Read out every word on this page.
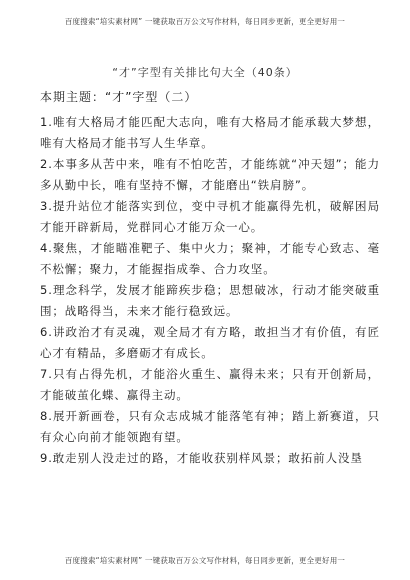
百度搜索“培实素材网” 一键获取百万公文写作材料，每日同步更新，更全更好用一
“才”字型有关排比句大全（40条）
本期主题：“才”字型（二）

1.唯有大格局才能匹配大志向，唯有大格局才能承载大梦想，唯有大格局才能书写人生华章。

2.本事多从苦中来，唯有不怕吃苦，才能练就“冲天翅”；能力多从勤中长，唯有坚持不懈，才能磨出“铁肩膀”。

3.提升站位才能落实到位，变中寻机才能赢得先机，破解困局才能开辟新局，党群同心才能万众一心。

4.聚焦，才能瞄准靶子、集中火力；聚神，才能专心致志、毫不松懈；聚力，才能握指成拳、合力攻坚。

5.理念科学，发展才能蹄疾步稳；思想破冰，行动才能突破重围；战略得当，未来才能行稳致远。

6.讲政治才有灵魂，观全局才有方略，敢担当才有价值，有匠心才有精品，多磨砺才有成长。

7.只有占得先机，才能浴火重生、赢得未来；只有开创新局，才能破茧化蝶、赢得主动。

8.展开新画卷，只有众志成城才能落笔有神；踏上新赛道，只有众心向前才能领跑有望。

9.敢走别人没走过的路，才能收获别样风景；敢拓前人没垦

百度搜索“培实素材网” 一键获取百万公文写作材料，每日同步更新，更全更好用一
